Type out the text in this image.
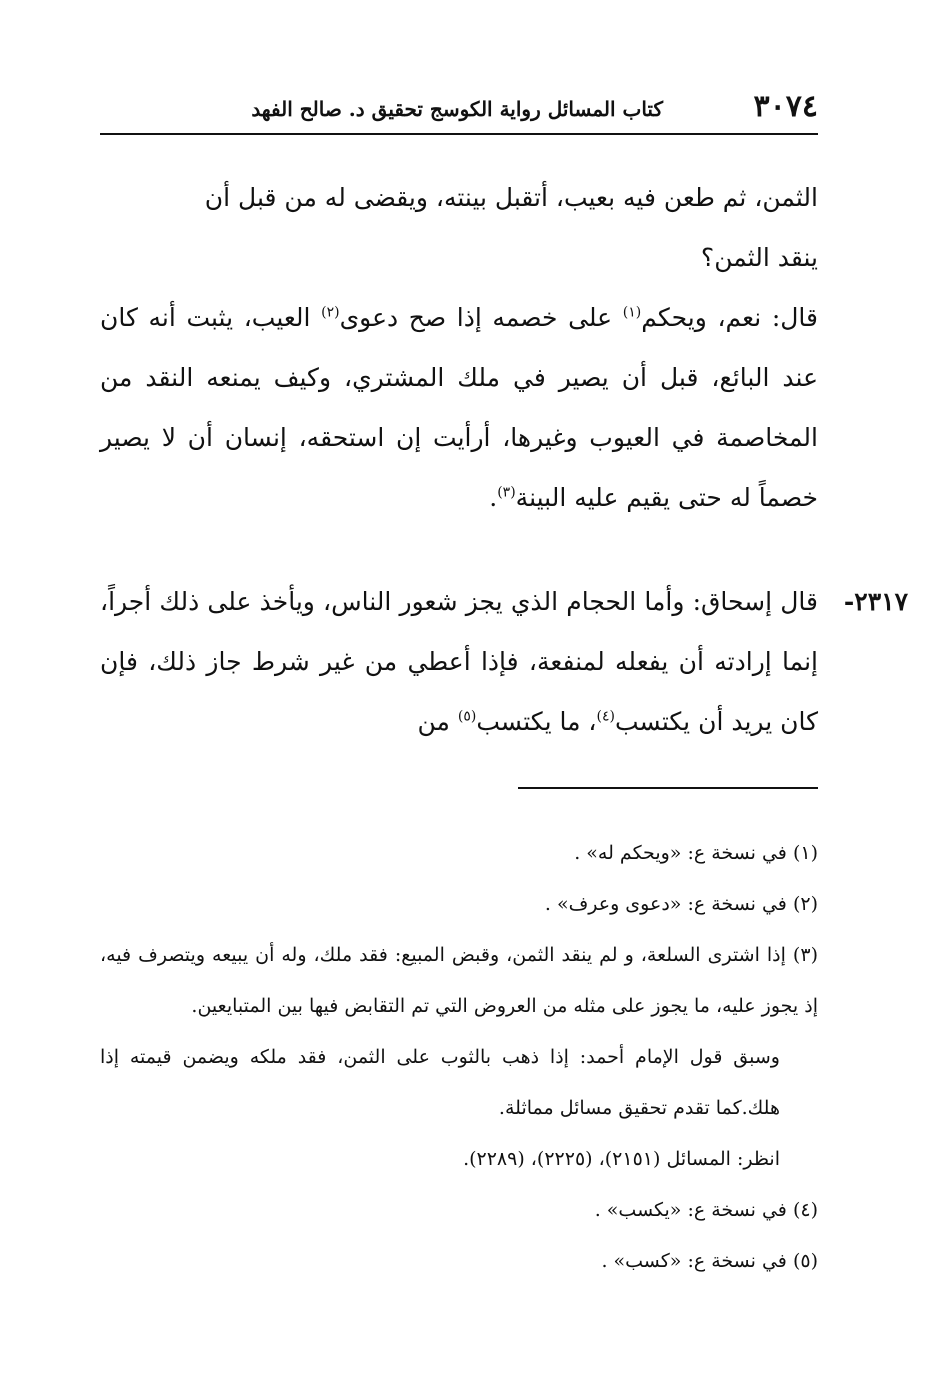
٣٠٧٤
كتاب المسائل رواية الكوسج تحقيق د. صالح الفهد

الثمن، ثم طعن فيه بعيب، أتقبل بينته، ويقضى له من قبل أن
ينقد الثمن؟

قال: نعم، ويحكم$^{(١)}$ على خصمه إذا صح دعوى$^{(٢)}$ العيب، يثبت أنه كان عند البائع، قبل أن يصير في ملك المشتري، وكيف يمنعه النقد من المخاصمة في العيوب وغيرها، أرأيت إن استحقه، إنسان أن لا يصير خصماً له حتى يقيم عليه البينة$^{(٣)}$.

٢٣١٧-

قال إسحاق: وأما الحجام الذي يجز شعور الناس، ويأخذ على ذلك أجراً، إنما إرادته أن يفعله لمنفعة، فإذا أعطي من غير شرط جاز ذلك، فإن كان يريد أن يكتسب$^{(٤)}$، ما يكتسب$^{(٥)}$ من

(١) في نسخة ع: «ويحكم له» .

(٢) في نسخة ع: «دعوى وعرف» .

(٣) إذا اشترى السلعة، و لم ينقد الثمن، وقبض المبيع: فقد ملك، وله أن يبيعه ويتصرف فيه، إذ يجوز عليه، ما يجوز على مثله من العروض التي تم التقابض فيها بين المتبايعين.

وسبق قول الإمام أحمد: إذا ذهب بالثوب على الثمن، فقد ملكه ويضمن قيمته إذا هلك.كما تقدم تحقيق مسائل مماثلة.

انظر: المسائل (٢١٥١)، (٢٢٢٥)، (٢٢٨٩).

(٤) في نسخة ع: «يكسب» .

(٥) في نسخة ع: «كسب» .
